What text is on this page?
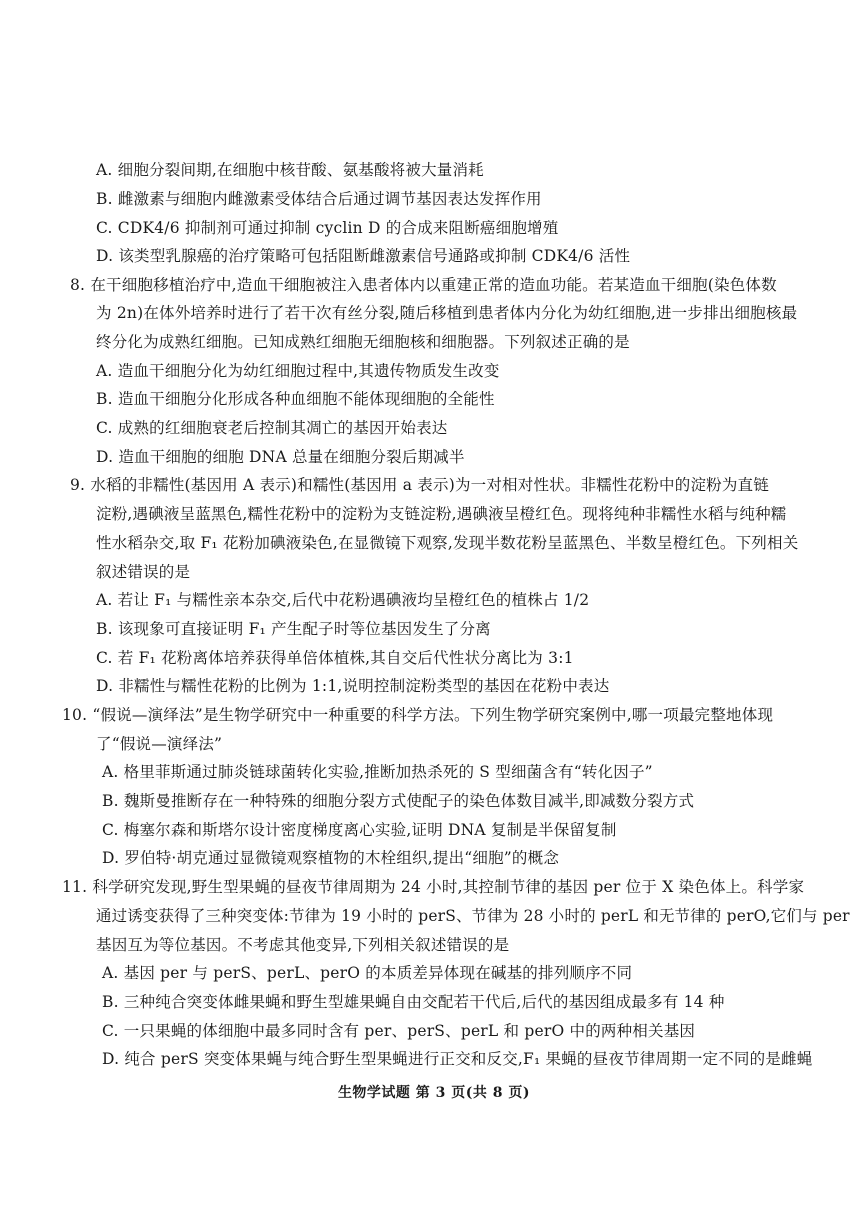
A. 细胞分裂间期,在细胞中核苷酸、氨基酸将被大量消耗
B. 雌激素与细胞内雌激素受体结合后通过调节基因表达发挥作用
C. CDK4/6 抑制剂可通过抑制 cyclin D 的合成来阻断癌细胞增殖
D. 该类型乳腺癌的治疗策略可包括阻断雌激素信号通路或抑制 CDK4/6 活性
8. 在干细胞移植治疗中,造血干细胞被注入患者体内以重建正常的造血功能。若某造血干细胞(染色体数
为 2n)在体外培养时进行了若干次有丝分裂,随后移植到患者体内分化为幼红细胞,进一步排出细胞核最
终分化为成熟红细胞。已知成熟红细胞无细胞核和细胞器。下列叙述正确的是
A. 造血干细胞分化为幼红细胞过程中,其遗传物质发生改变
B. 造血干细胞分化形成各种血细胞不能体现细胞的全能性
C. 成熟的红细胞衰老后控制其凋亡的基因开始表达
D. 造血干细胞的细胞 DNA 总量在细胞分裂后期减半
9. 水稻的非糯性(基因用 A 表示)和糯性(基因用 a 表示)为一对相对性状。非糯性花粉中的淀粉为直链
淀粉,遇碘液呈蓝黑色,糯性花粉中的淀粉为支链淀粉,遇碘液呈橙红色。现将纯种非糯性水稻与纯种糯
性水稻杂交,取 F₁ 花粉加碘液染色,在显微镜下观察,发现半数花粉呈蓝黑色、半数呈橙红色。下列相关
叙述错误的是
A. 若让 F₁ 与糯性亲本杂交,后代中花粉遇碘液均呈橙红色的植株占 1/2
B. 该现象可直接证明 F₁ 产生配子时等位基因发生了分离
C. 若 F₁ 花粉离体培养获得单倍体植株,其自交后代性状分离比为 3:1
D. 非糯性与糯性花粉的比例为 1:1,说明控制淀粉类型的基因在花粉中表达
10. “假说—演绎法”是生物学研究中一种重要的科学方法。下列生物学研究案例中,哪一项最完整地体现
了“假说—演绎法”
A. 格里菲斯通过肺炎链球菌转化实验,推断加热杀死的 S 型细菌含有“转化因子”
B. 魏斯曼推断存在一种特殊的细胞分裂方式使配子的染色体数目减半,即减数分裂方式
C. 梅塞尔森和斯塔尔设计密度梯度离心实验,证明 DNA 复制是半保留复制
D. 罗伯特·胡克通过显微镜观察植物的木栓组织,提出“细胞”的概念
11. 科学研究发现,野生型果蝇的昼夜节律周期为 24 小时,其控制节律的基因 per 位于 X 染色体上。科学家
通过诱变获得了三种突变体:节律为 19 小时的 perS、节律为 28 小时的 perL 和无节律的 perO,它们与 per
基因互为等位基因。不考虑其他变异,下列相关叙述错误的是
A. 基因 per 与 perS、perL、perO 的本质差异体现在碱基的排列顺序不同
B. 三种纯合突变体雌果蝇和野生型雄果蝇自由交配若干代后,后代的基因组成最多有 14 种
C. 一只果蝇的体细胞中最多同时含有 per、perS、perL 和 perO 中的两种相关基因
D. 纯合 perS 突变体果蝇与纯合野生型果蝇进行正交和反交,F₁ 果蝇的昼夜节律周期一定不同的是雌蝇
生物学试题 第 3 页(共 8 页)
